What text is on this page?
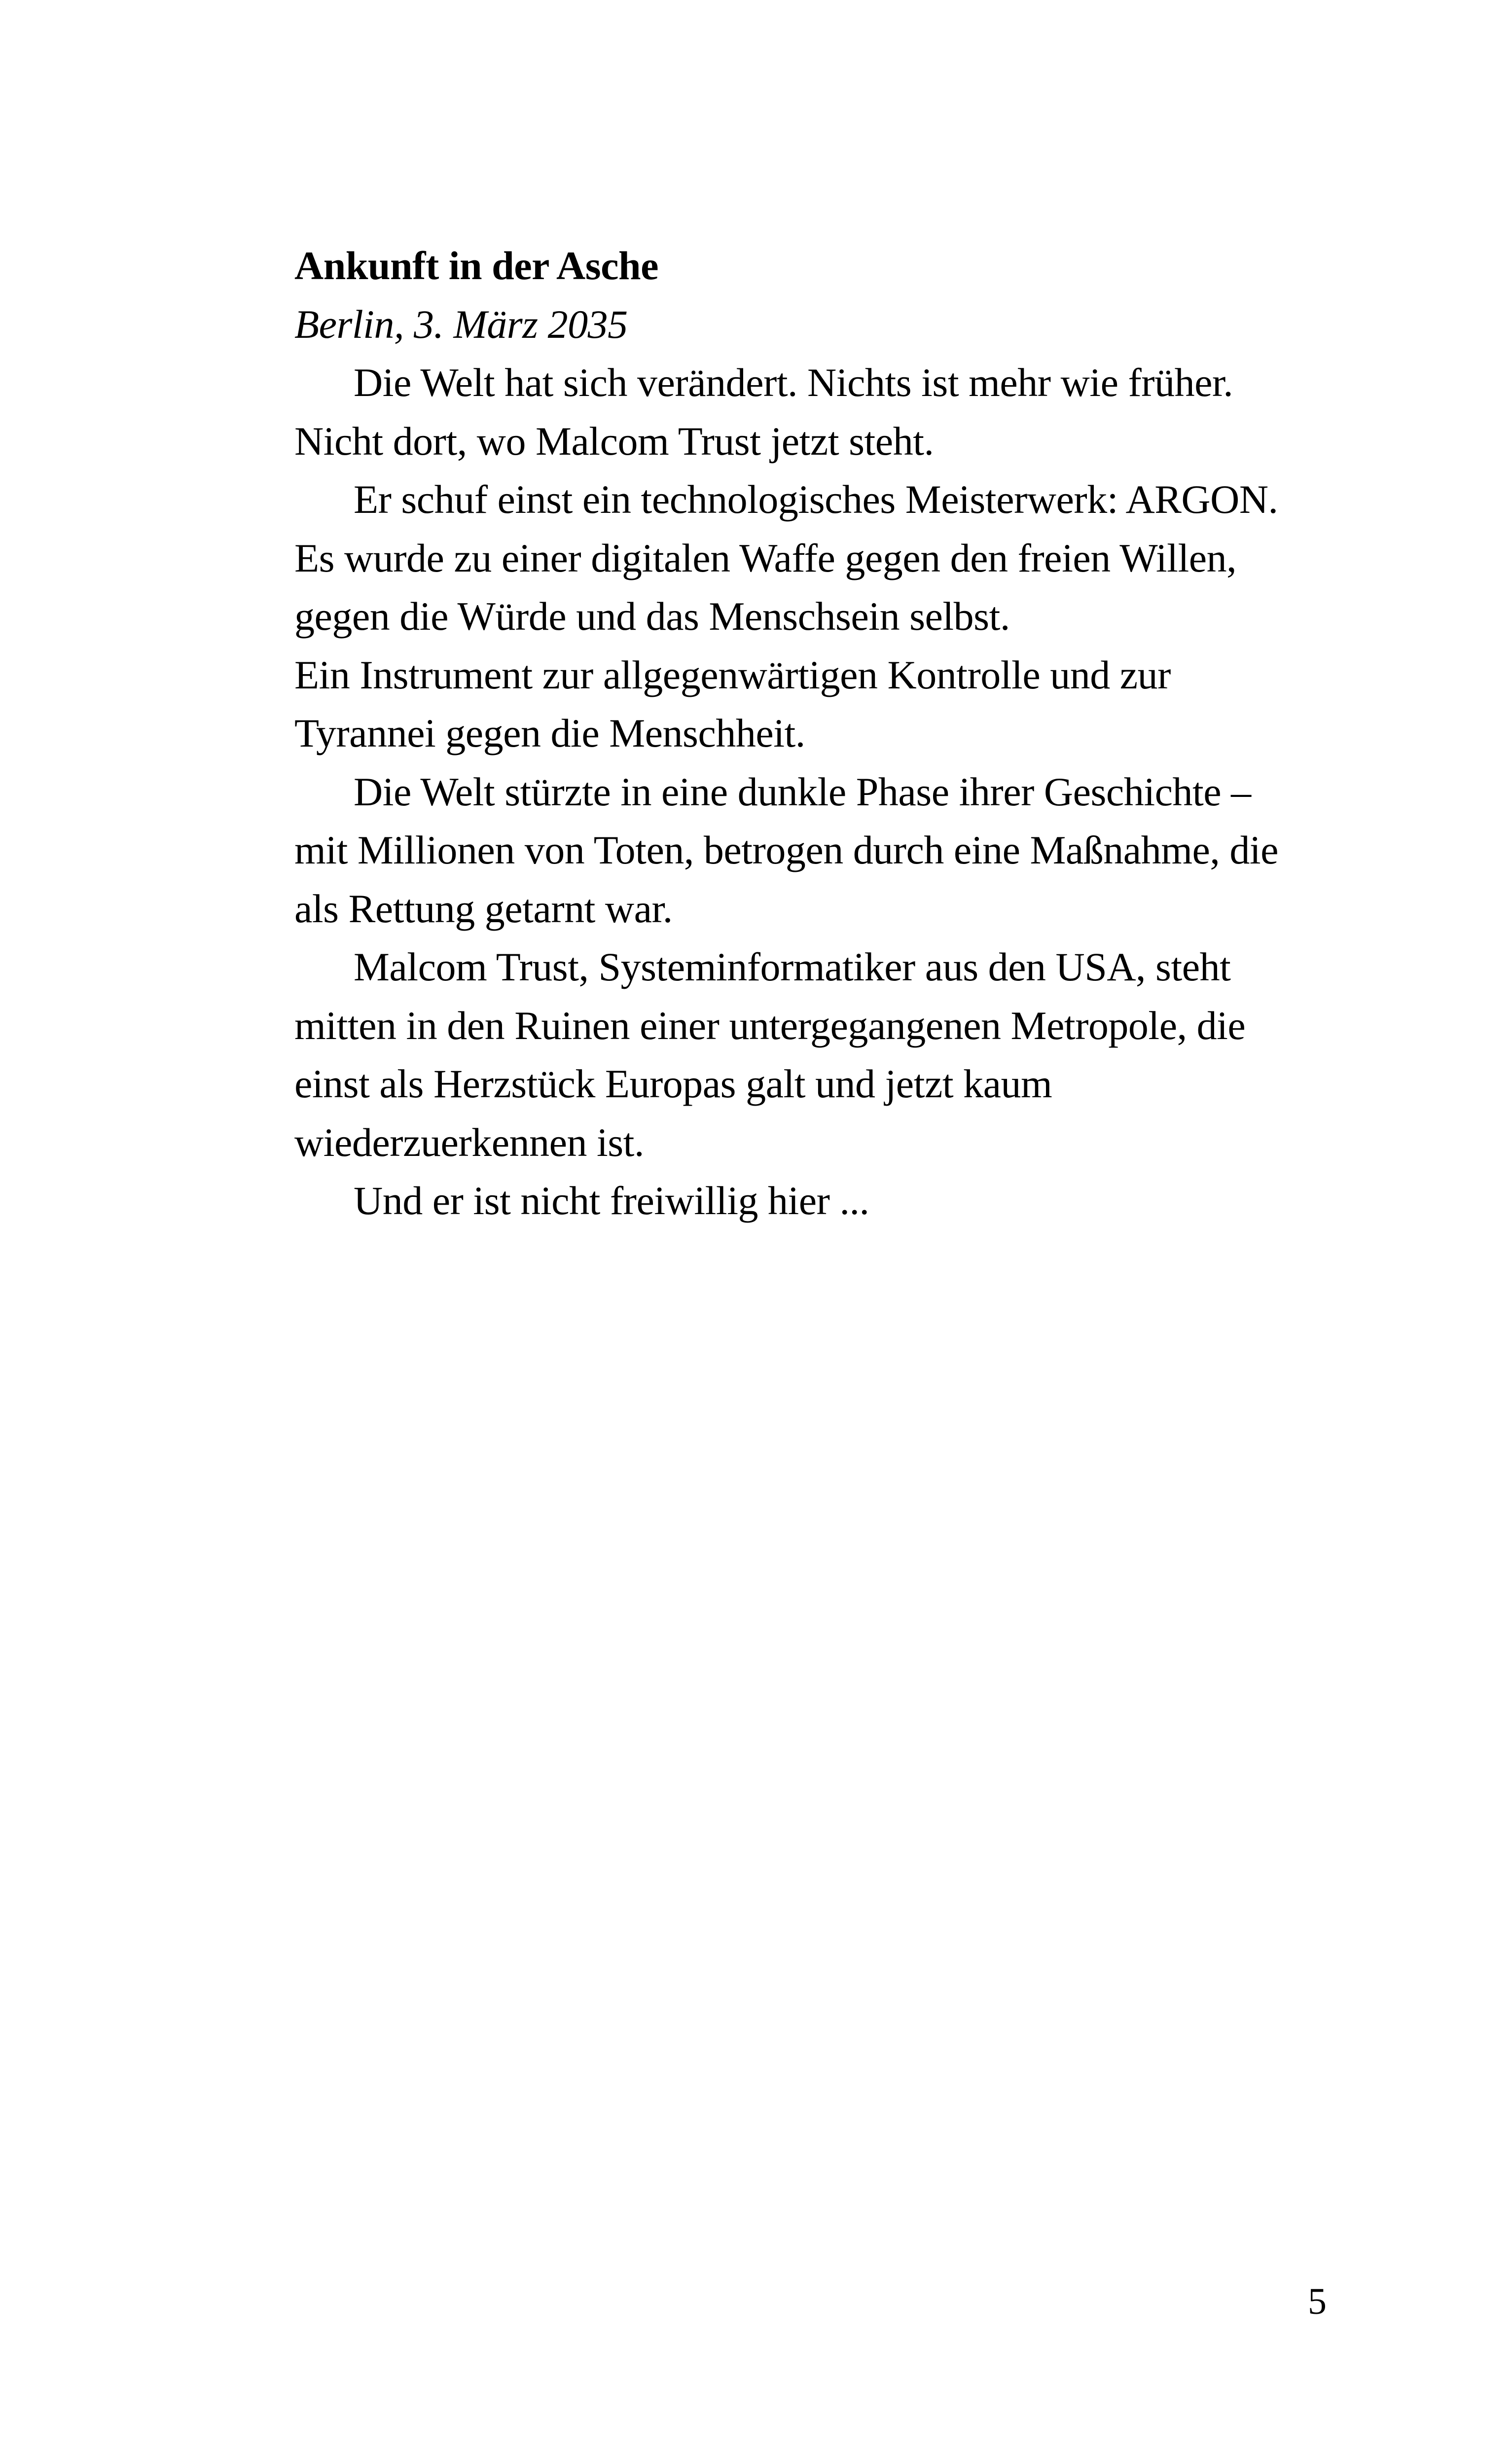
Ankunft in der Asche

Berlin, 3. März 2035

Die Welt hat sich verändert. Nichts ist mehr wie früher.

Nicht dort, wo Malcom Trust jetzt steht.

Er schuf einst ein technologisches Meisterwerk: ARGON.

Es wurde zu einer digitalen Waffe gegen den freien Willen,

gegen die Würde und das Menschsein selbst.

Ein Instrument zur allgegenwärtigen Kontrolle und zur

Tyrannei gegen die Menschheit.

Die Welt stürzte in eine dunkle Phase ihrer Geschichte –

mit Millionen von Toten, betrogen durch eine Maßnahme, die

als Rettung getarnt war.

Malcom Trust, Systeminformatiker aus den USA, steht

mitten in den Ruinen einer untergegangenen Metropole, die

einst als Herzstück Europas galt und jetzt kaum

wiederzuerkennen ist.

Und er ist nicht freiwillig hier ...

5
